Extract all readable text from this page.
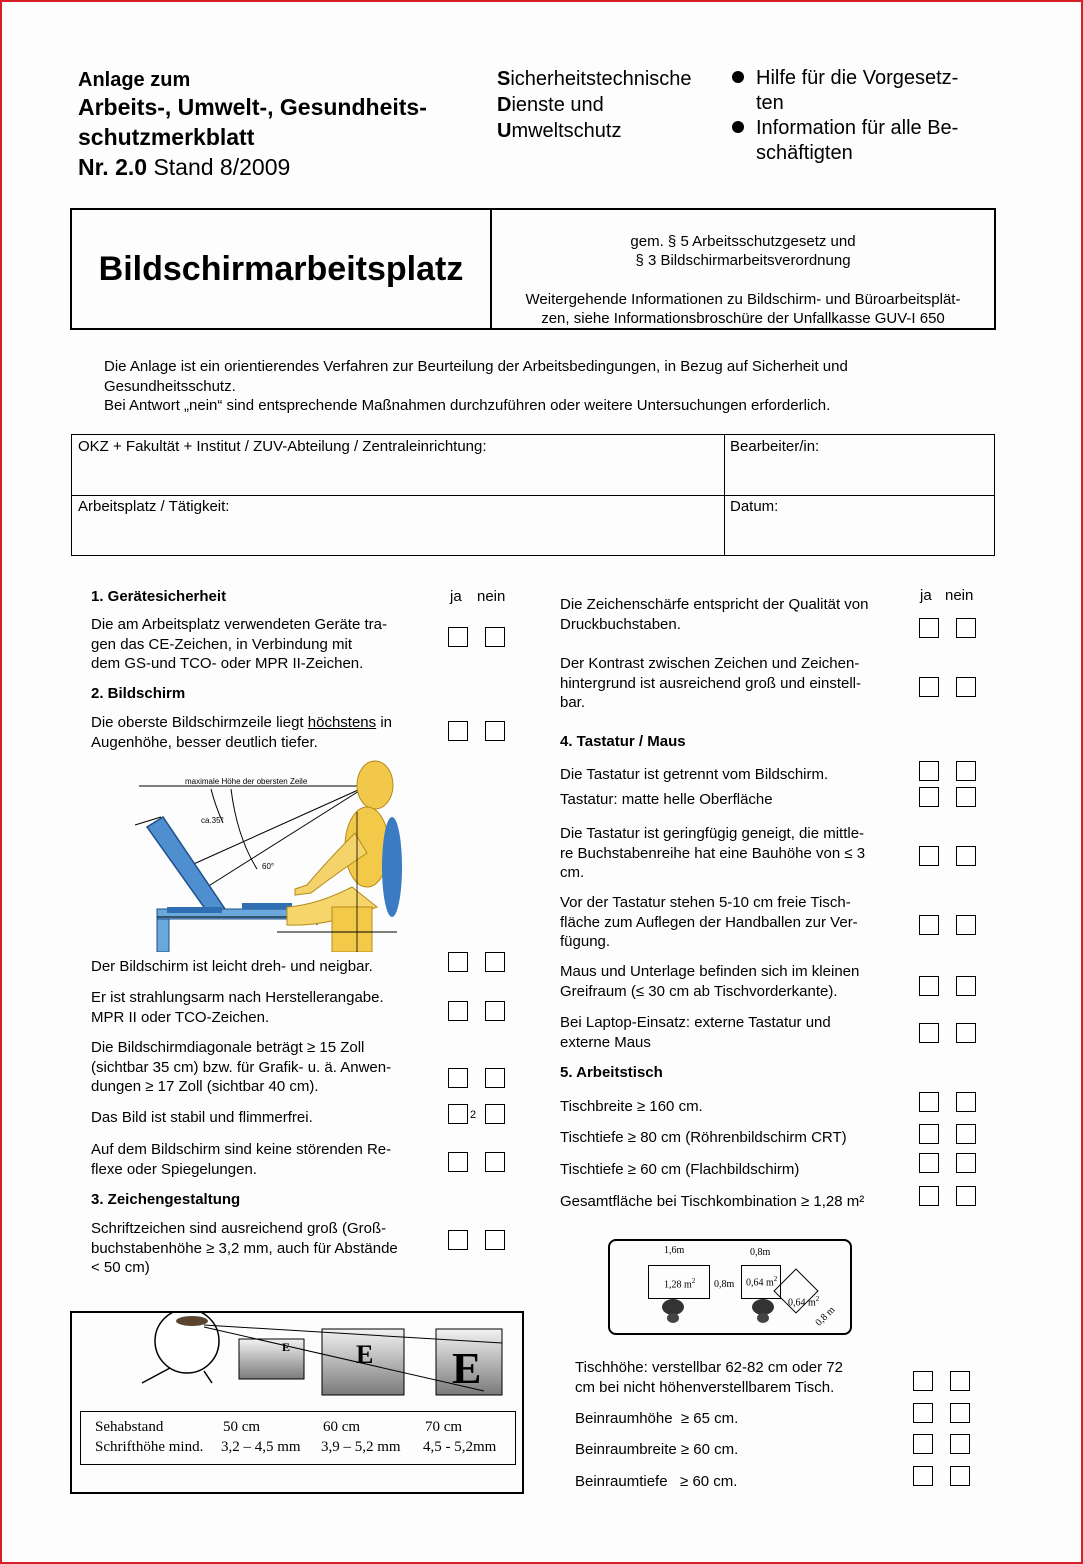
Anlage zum
Arbeits-, Umwelt-, Gesundheits-
schutzmerkblatt
Nr. 2.0 Stand 8/2009
Sicherheitstechnische
Dienste und
Umweltschutz
Hilfe für die Vorgesetz-
ten
Information für alle Be-
schäftigten
Bildschirmarbeitsplatz
gem. § 5 Arbeitsschutzgesetz und
§ 3 Bildschirmarbeitsverordnung
Weitergehende Informationen zu Bildschirm- und Büroarbeitsplät-
zen, siehe Informationsbroschüre der Unfallkasse GUV-I 650
Die Anlage ist ein orientierendes Verfahren zur Beurteilung der Arbeitsbedingungen, in Bezug auf Sicherheit und
Gesundheitsschutz.
Bei Antwort „nein“ sind entsprechende Maßnahmen durchzuführen oder weitere Untersuchungen erforderlich.
OKZ + Fakultät + Institut / ZUV-Abteilung / Zentraleinrichtung:	Bearbeiter/in:
Arbeitsplatz / Tätigkeit:	Datum:
ja nein
1. Gerätesicherheit
Die am Arbeitsplatz verwendeten Geräte tra-
gen das CE-Zeichen, in Verbindung mit
dem GS-und TCO- oder MPR II-Zeichen.
2. Bildschirm
Die oberste Bildschirmzeile liegt höchstens in
Augenhöhe, besser deutlich tiefer.
maximale Höhe der obersten Zeile
ca.35°
60°
Der Bildschirm ist leicht dreh- und neigbar.
Er ist strahlungsarm nach Herstellerangabe.
MPR II oder TCO-Zeichen.
Die Bildschirmdiagonale beträgt ≥ 15 Zoll
(sichtbar 35 cm) bzw. für Grafik- u. ä. Anwen-
dungen ≥ 17 Zoll (sichtbar 40 cm).
Das Bild ist stabil und flimmerfrei.	2
Auf dem Bildschirm sind keine störenden Re-
flexe oder Spiegelungen.
3. Zeichengestaltung
Schriftzeichen sind ausreichend groß (Groß-
buchstabenhöhe ≥ 3,2 mm, auch für Abstände
< 50 cm)
E	E E
Sehabstand	50 cm	60 cm	70 cm
Schrifthöhe mind. 3,2 – 4,5 mm 3,9 – 5,2 mm 4,5 - 5,2mm
ja nein
Die Zeichenschärfe entspricht der Qualität von
Druckbuchstaben.
Der Kontrast zwischen Zeichen und Zeichen-
hintergrund ist ausreichend groß und einstell-
bar.
4. Tastatur / Maus
Die Tastatur ist getrennt vom Bildschirm.
Tastatur: matte helle Oberfläche
Die Tastatur ist geringfügig geneigt, die mittle-
re Buchstabenreihe hat eine Bauhöhe von ≤ 3
cm.
Vor der Tastatur stehen 5-10 cm freie Tisch-
fläche zum Auflegen der Handballen zur Ver-
fügung.
Maus und Unterlage befinden sich im kleinen
Greifraum (≤ 30 cm ab Tischvorderkante).
Bei Laptop-Einsatz: externe Tastatur und
externe Maus
5. Arbeitstisch
Tischbreite ≥ 160 cm.
Tischtiefe ≥ 80 cm (Röhrenbildschirm CRT)
Tischtiefe ≥ 60 cm (Flachbildschirm)
Gesamtfläche bei Tischkombination ≥ 1,28 m²
1,6m	0,8m
1,28 $m^2$ 0,8m 0,64 $m^2$
0,64 $m^2$
0,8 m
Tischhöhe: verstellbar 62-82 cm oder 72
cm bei nicht höhenverstellbarem Tisch.
Beinraumhöhe  ≥ 65 cm.
Beinraumbreite ≥ 60 cm.
Beinraumtiefe   ≥ 60 cm.
